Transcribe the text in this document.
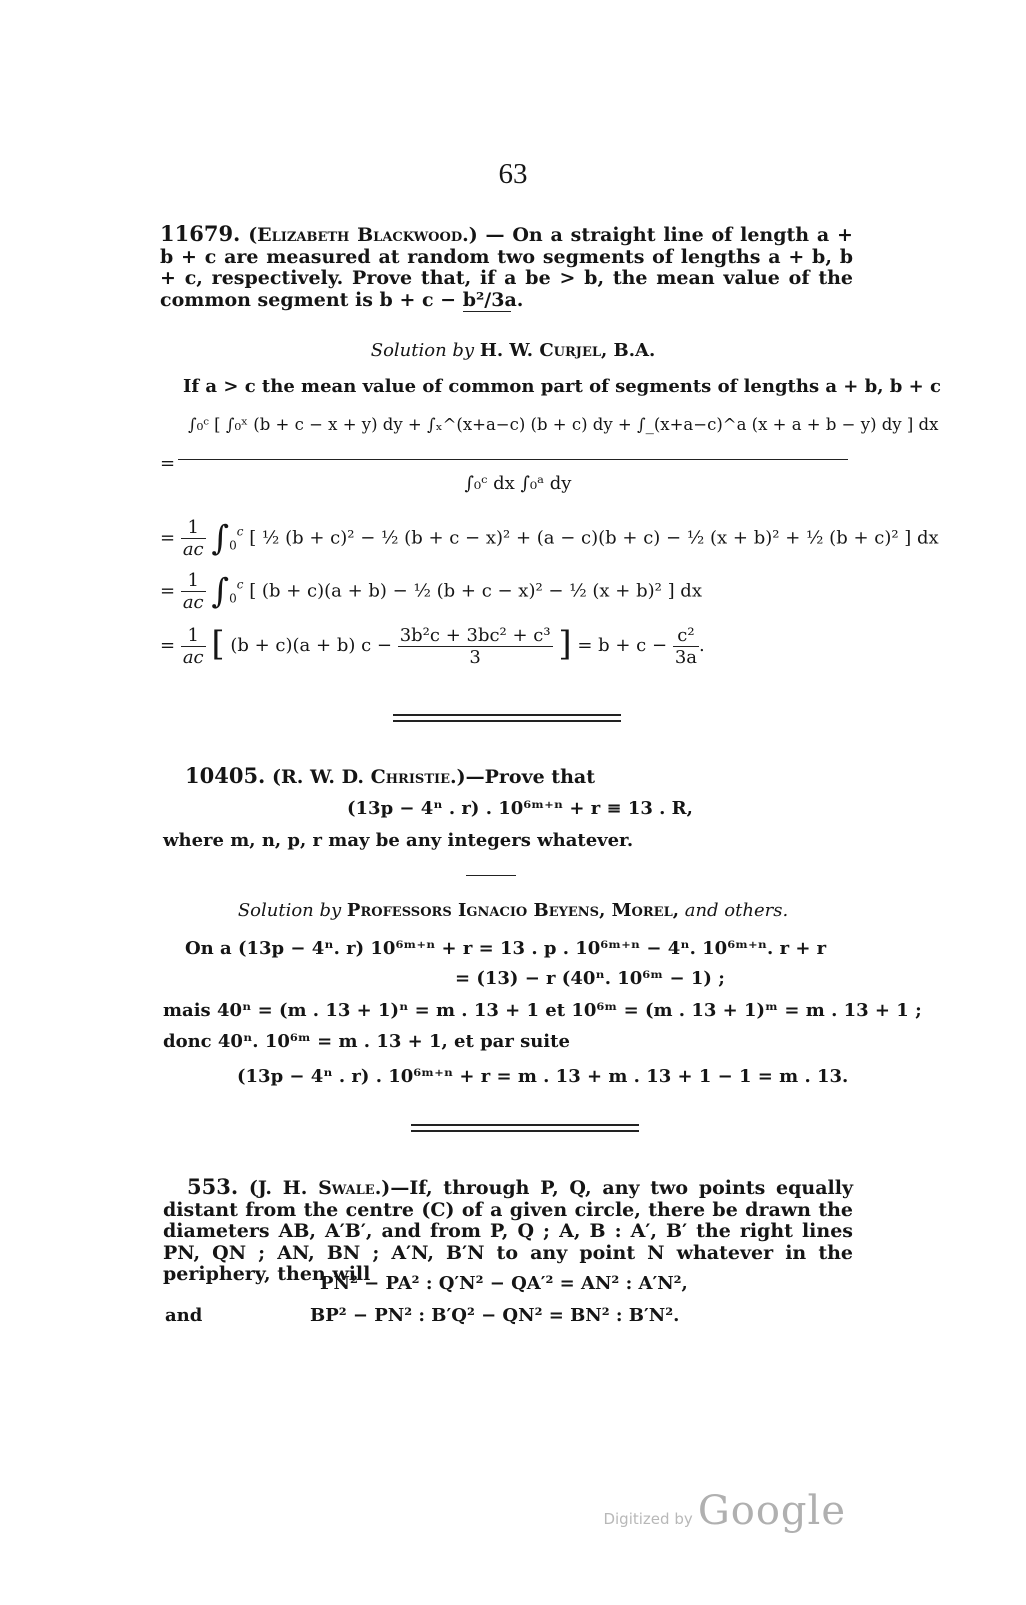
63
11679. (Elizabeth Blackwood.) — On a straight line of length a + b + c are measured at random two segments of lengths a + b, b + c, respectively. Prove that, if a be > b, the mean value of the common segment is b + c − b²/3a.
Solution by H. W. Curjel, B.A.
If a > c the mean value of common part of segments of lengths a + b, b + c
=
∫₀ᶜ [ ∫₀ˣ (b + c − x + y) dy + ∫ₓ^(x+a−c) (b + c) dy + ∫_(x+a−c)^a (x + a + b − y) dy ] dx
∫₀ᶜ dx ∫₀ᵃ dy
= $\frac{1}{ac} \int_0^c$ [ ½ (b + c)² − ½ (b + c − x)² + (a − c)(b + c) − ½ (x + b)² + ½ (b + c)² ] dx
= $\frac{1}{ac} \int_0^c$ [ (b + c)(a + b) − ½ (b + c − x)² − ½ (x + b)² ] dx
= $\frac{1}{ac}$ [ (b + c)(a + b) $c - \frac{\text{3b²c + 3bc² + c³}}{3}$ ] = $b + c - \frac{\text{c²}}{3a}$ .
10405. (R. W. D. Christie.)—Prove that
(13p − 4ⁿ . r) . 10⁶ᵐ⁺ⁿ + r ≡ 13 . R,
where m, n, p, r may be any integers whatever.
Solution by Professors Ignacio Beyens, Morel, and others.
On a (13p − 4ⁿ. r) 10⁶ᵐ⁺ⁿ + r = 13 . p . 10⁶ᵐ⁺ⁿ − 4ⁿ. 10⁶ᵐ⁺ⁿ. r + r
= (13) − r (40ⁿ. 10⁶ᵐ − 1) ;
mais 40ⁿ = (m . 13 + 1)ⁿ = m . 13 + 1 et 10⁶ᵐ = (m . 13 + 1)ᵐ = m . 13 + 1 ;
donc 40ⁿ. 10⁶ᵐ = m . 13 + 1, et par suite
(13p − 4ⁿ . r) . 10⁶ᵐ⁺ⁿ + r = m . 13 + m . 13 + 1 − 1 = m . 13.
553. (J. H. Swale.)—If, through P, Q, any two points equally distant from the centre (C) of a given circle, there be drawn the diameters AB, A′B′, and from P, Q ; A, B : A′, B′ the right lines PN, QN ; AN, BN ; A′N, B′N to any point N whatever in the periphery, then will
PN² − PA² : Q′N² − QA′² = AN² : A′N²,
and	BP² − PN² : B′Q² − QN² = BN² : B′N².
Digitized by Google
